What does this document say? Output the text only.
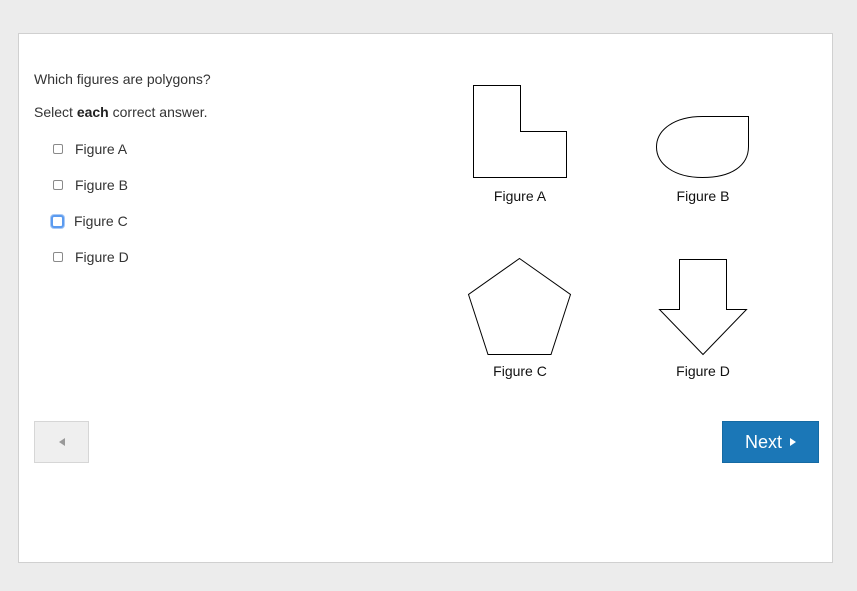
Which figures are polygons?
Select each correct answer.
Figure A
Figure B
Figure C
Figure D
Figure A	Figure B
Figure C	Figure D
Next
